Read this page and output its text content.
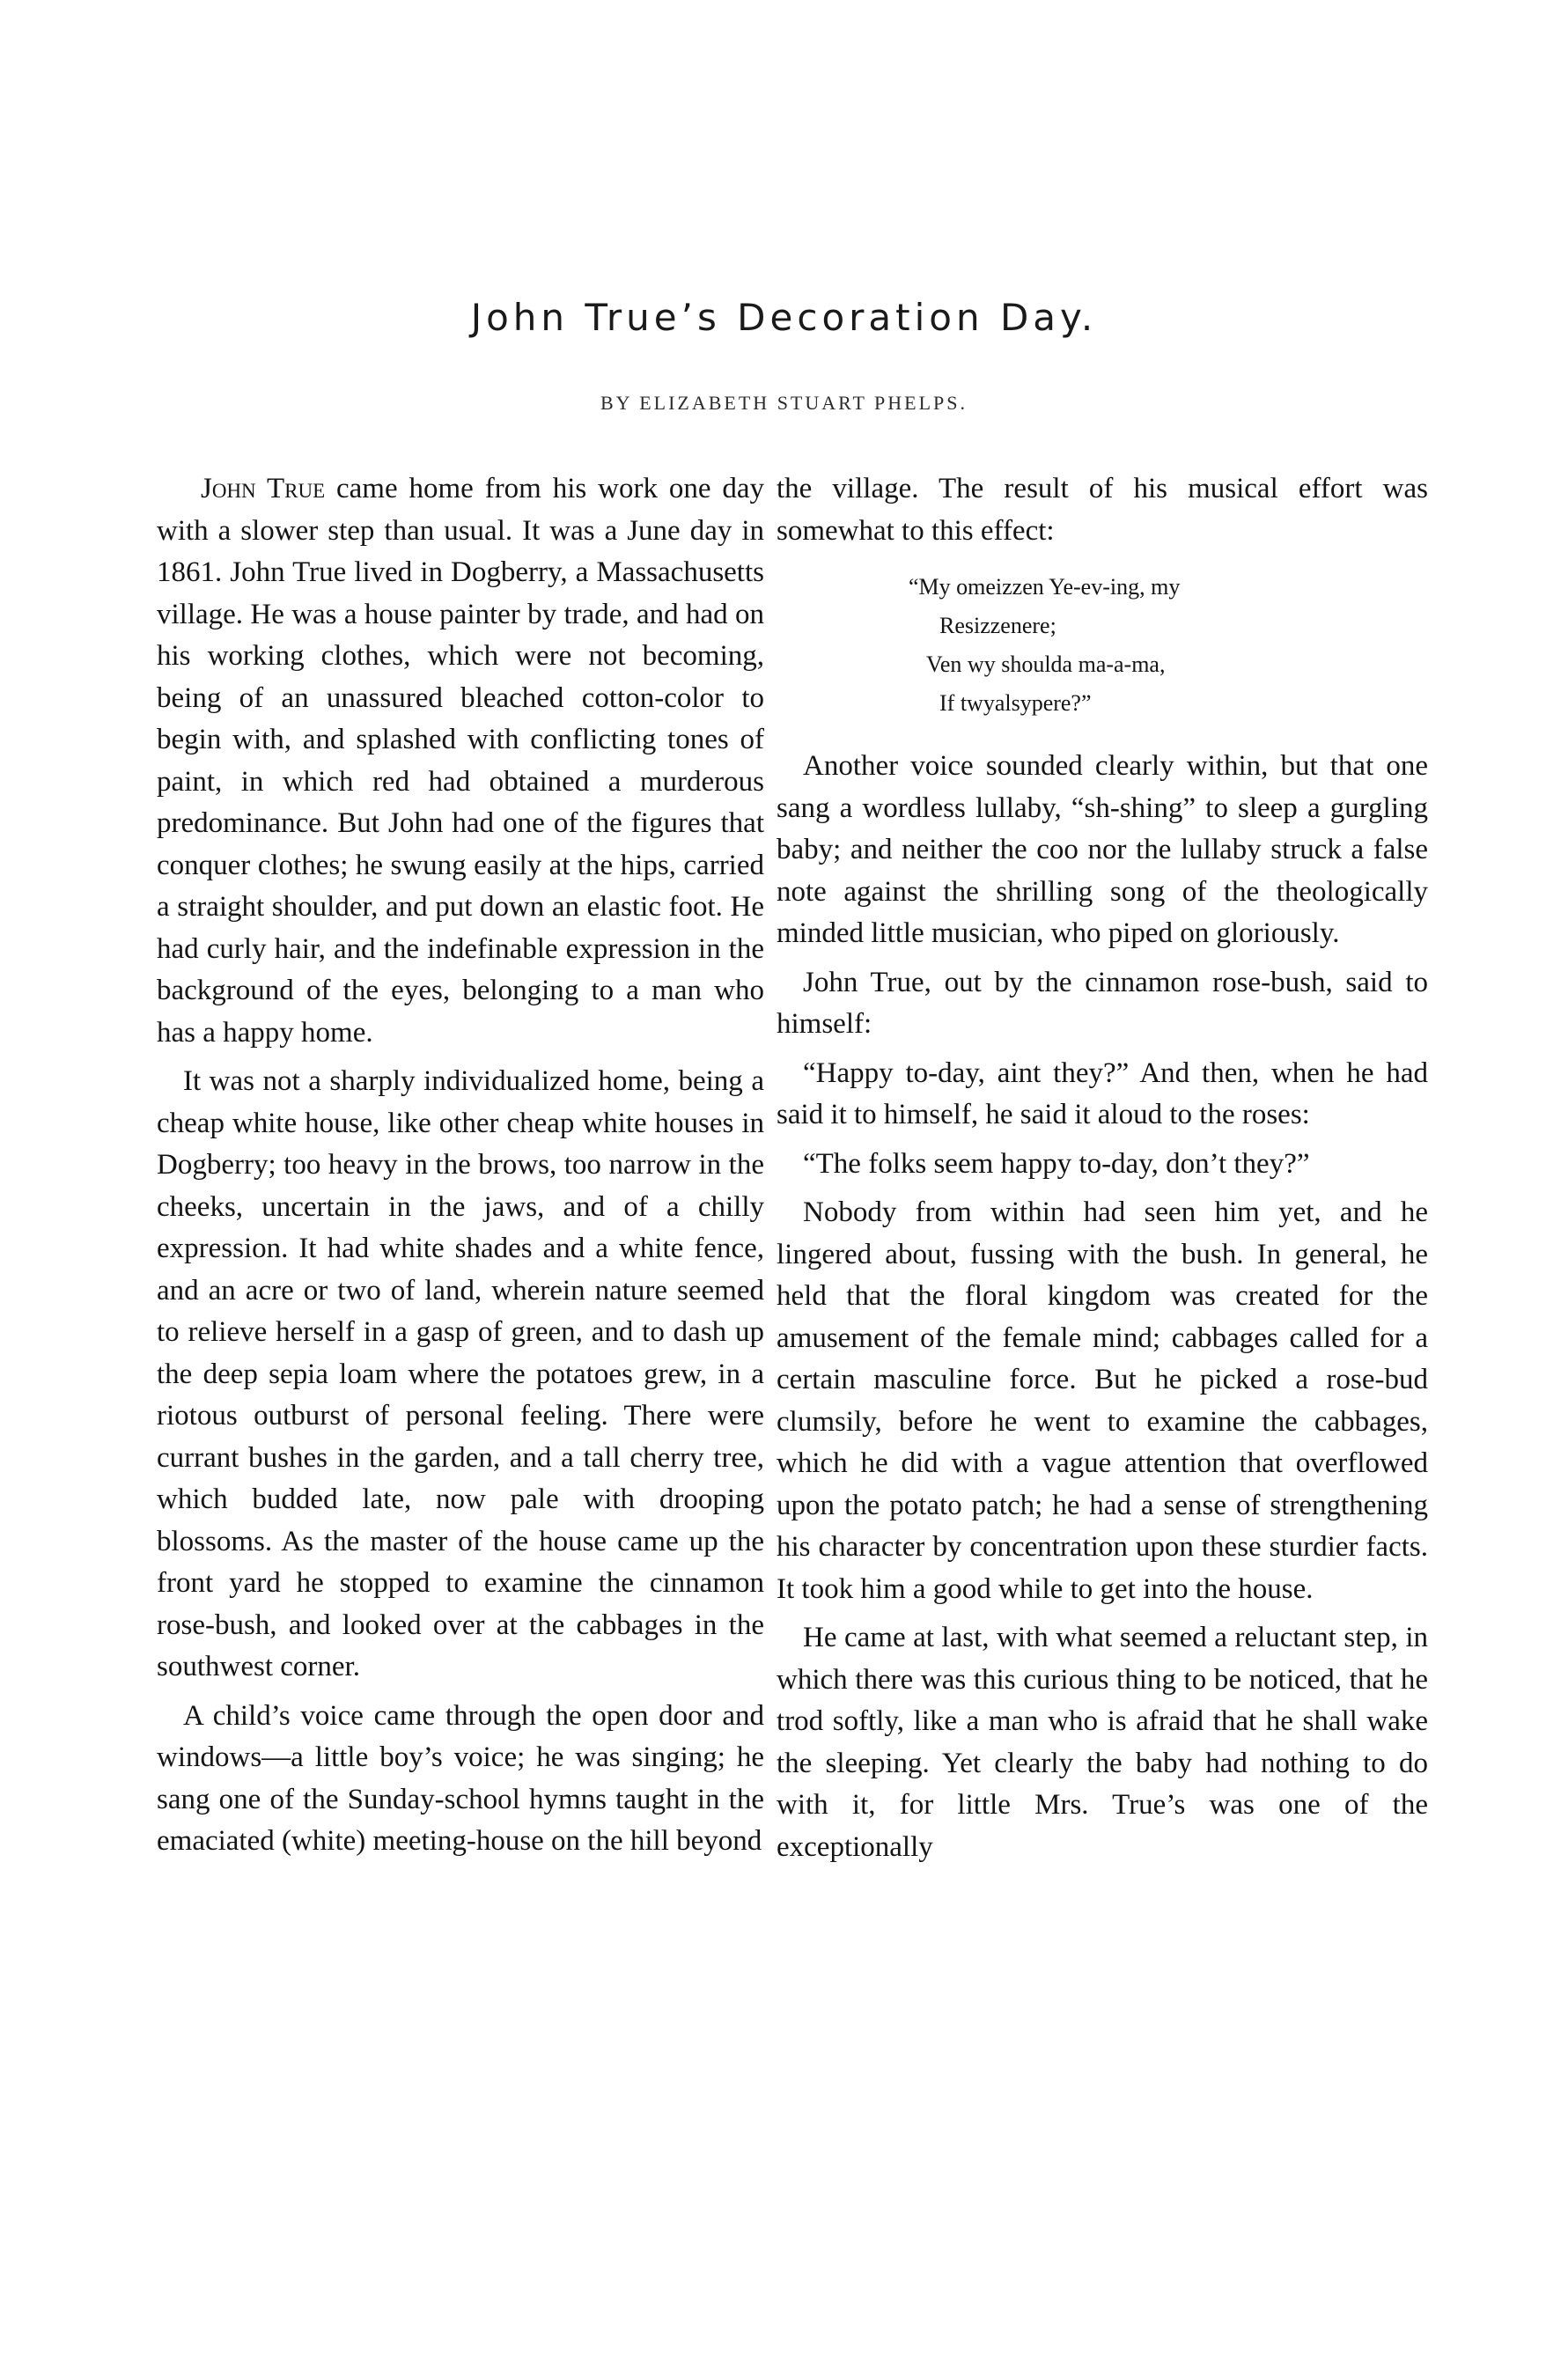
John True’s Decoration Day.
BY ELIZABETH STUART PHELPS.

John True came home from his work one day with a slower step than usual. It was a June day in 1861. John True lived in Dogberry, a Massachusetts village. He was a house painter by trade, and had on his working clothes, which were not becoming, being of an unassured bleached cotton-color to begin with, and splashed with conflicting tones of paint, in which red had obtained a murderous predominance. But John had one of the figures that conquer clothes; he swung easily at the hips, carried a straight shoulder, and put down an elastic foot. He had curly hair, and the indefinable expression in the background of the eyes, belonging to a man who has a happy home.

It was not a sharply individualized home, being a cheap white house, like other cheap white houses in Dogberry; too heavy in the brows, too narrow in the cheeks, uncertain in the jaws, and of a chilly expression. It had white shades and a white fence, and an acre or two of land, wherein nature seemed to relieve herself in a gasp of green, and to dash up the deep sepia loam where the potatoes grew, in a riotous outburst of personal feeling. There were currant bushes in the garden, and a tall cherry tree, which budded late, now pale with drooping blossoms. As the master of the house came up the front yard he stopped to examine the cinnamon rose-bush, and looked over at the cabbages in the southwest corner.

A child’s voice came through the open door and windows—a little boy’s voice; he was singing; he sang one of the Sunday-school hymns taught in the emaciated (white) meeting-house on the hill beyond

the village. The result of his musical effort was somewhat to this effect:

“My omeizzen Ye-ev-ing, my
Resizzenere;
Ven wy shoulda ma-a-ma,
If twyalsypere?”

Another voice sounded clearly within, but that one sang a wordless lullaby, “sh-shing” to sleep a gurgling baby; and neither the coo nor the lullaby struck a false note against the shrilling song of the theologically minded little musician, who piped on gloriously.

John True, out by the cinnamon rose-bush, said to himself:

“Happy to-day, aint they?” And then, when he had said it to himself, he said it aloud to the roses:

“The folks seem happy to-day, don’t they?”

Nobody from within had seen him yet, and he lingered about, fussing with the bush. In general, he held that the floral kingdom was created for the amusement of the female mind; cabbages called for a certain masculine force. But he picked a rose-bud clumsily, before he went to examine the cabbages, which he did with a vague attention that overflowed upon the potato patch; he had a sense of strengthening his character by concentration upon these sturdier facts. It took him a good while to get into the house.

He came at last, with what seemed a reluctant step, in which there was this curious thing to be noticed, that he trod softly, like a man who is afraid that he shall wake the sleeping. Yet clearly the baby had nothing to do with it, for little Mrs. True’s was one of the exceptionally
